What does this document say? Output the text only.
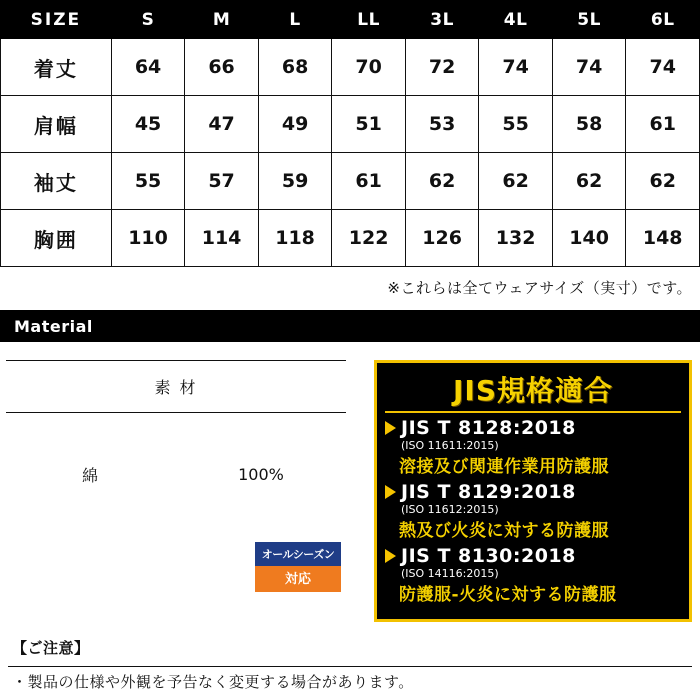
SIZE	S	M	L	LL	3L	4L	5L	6L
着丈	64	66	68	70	72	74	74	74
肩幅	45	47	49	51	53	55	58	61
袖丈	55	57	59	61	62	62	62	62
胸囲	110	114	118	122	126	132	140	148
※これらは全てウェアサイズ（実寸）です。
Material
素 材

綿	100%
オールシーズン
対応
JIS規格適合
JIS T 8128:2018
(ISO 11611:2015)
溶接及び関連作業用防護服
JIS T 8129:2018
(ISO 11612:2015)
熱及び火炎に対する防護服
JIS T 8130:2018
(ISO 14116:2015)
防護服-火炎に対する防護服
【ご注意】
・製品の仕様や外観を予告なく変更する場合があります。
